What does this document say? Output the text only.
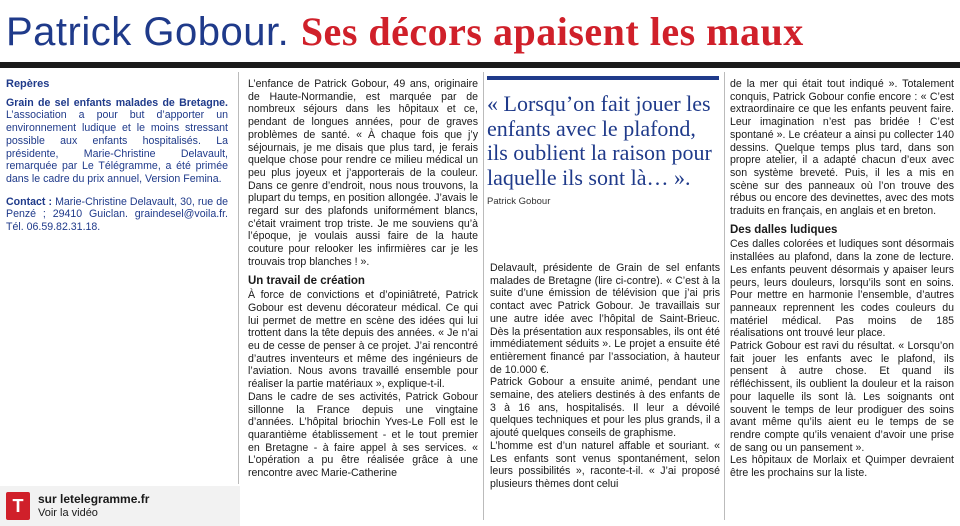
Patrick Gobour. Ses décors apaisent les maux
Repères

Grain de sel enfants malades de Bretagne. L’association a pour but d’apporter un environnement ludique et le moins stressant possible aux enfants hospitalisés. La présidente, Marie-Christine Delavault, remarquée par Le Télégramme, a été primée dans le cadre du prix annuel, Version Femina.

Contact : Marie-Christine Delavault, 30, rue de Penzé ; 29410 Guiclan. graindesel@voila.fr. Tél. 06.59.82.31.18.

L’enfance de Patrick Gobour, 49 ans, originaire de Haute-Normandie, est marquée par de nombreux séjours dans les hôpitaux et ce, pendant de longues années, pour de graves problèmes de santé. « À chaque fois que j’y séjournais, je me disais que plus tard, je ferais quelque chose pour rendre ce milieu médical un peu plus joyeux et j’apporterais de la couleur. Dans ce genre d’endroit, nous nous trouvons, la plupart du temps, en position allongée. J’avais le regard sur des plafonds uniformément blancs, c’était vraiment trop triste. Je me souviens qu’à l’époque, je voulais aussi faire de la haute couture pour relooker les infirmières car je les trouvais trop blanches ! ».

Un travail de création

À force de convictions et d’opiniâtreté, Patrick Gobour est devenu décorateur médical. Ce qui lui permet de mettre en scène des idées qui lui trottent dans la tête depuis des années. « Je n’ai eu de cesse de penser à ce projet. J’ai rencontré d’autres inventeurs et même des ingénieurs de l’aviation. Nous avons travaillé ensemble pour réaliser la partie matériaux », explique-t-il.

Dans le cadre de ses activités, Patrick Gobour sillonne la France depuis une vingtaine d’années. L’hôpital briochin Yves-Le Foll est le quarantième établissement - et le tout premier en Bretagne - à faire appel à ses services. « L’opération a pu être réalisée grâce à une rencontre avec Marie-Catherine

« Lorsqu’on fait jouer les enfants avec le plafond, ils oublient la raison pour laquelle ils sont là… ».
Patrick Gobour

Delavault, présidente de Grain de sel enfants malades de Bretagne (lire ci-contre). « C’est à la suite d’une émission de télévision que j’ai pris contact avec Patrick Gobour. Je travaillais sur une autre idée avec l’hôpital de Saint-Brieuc. Dès la présentation aux responsables, ils ont été immédiatement séduits ». Le projet a ensuite été entièrement financé par l’association, à hauteur de 10.000 €.

Patrick Gobour a ensuite animé, pendant une semaine, des ateliers destinés à des enfants de 3 à 16 ans, hospitalisés. Il leur a dévoilé quelques techniques et pour les plus grands, il a ajouté quelques conseils de graphisme.

L’homme est d’un naturel affable et souriant. « Les enfants sont venus spontanément, selon leurs possibilités », raconte-t-il. « J’ai proposé plusieurs thèmes dont celui

de la mer qui était tout indiqué ». Totalement conquis, Patrick Gobour confie encore : « C’est extraordinaire ce que les enfants peuvent faire. Leur imagination n’est pas bridée ! C’est spontané ». Le créateur a ainsi pu collecter 140 dessins. Quelque temps plus tard, dans son propre atelier, il a adapté chacun d’eux avec son système breveté. Puis, il les a mis en scène sur des panneaux où l’on trouve des rébus ou encore des devinettes, avec des mots traduits en français, en anglais et en breton.

Des dalles ludiques

Ces dalles colorées et ludiques sont désormais installées au plafond, dans la zone de lecture. Les enfants peuvent désormais y apaiser leurs peurs, leurs douleurs, lorsqu’ils sont en soins. Pour mettre en harmonie l’ensemble, d’autres panneaux reprennent les codes couleurs du matériel médical. Pas moins de 185 réalisations ont trouvé leur place.

Patrick Gobour est ravi du résultat. « Lorsqu’on fait jouer les enfants avec le plafond, ils pensent à autre chose. Et quand ils réfléchissent, ils oublient la douleur et la raison pour laquelle ils sont là. Les soignants ont souvent le temps de leur prodiguer des soins avant même qu’ils aient eu le temps de se rendre compte qu’ils venaient d’avoir une prise de sang ou un pansement ».

Les hôpitaux de Morlaix et Quimper devraient être les prochains sur la liste.

T	sur letelegramme.fr
Voir la vidéo
